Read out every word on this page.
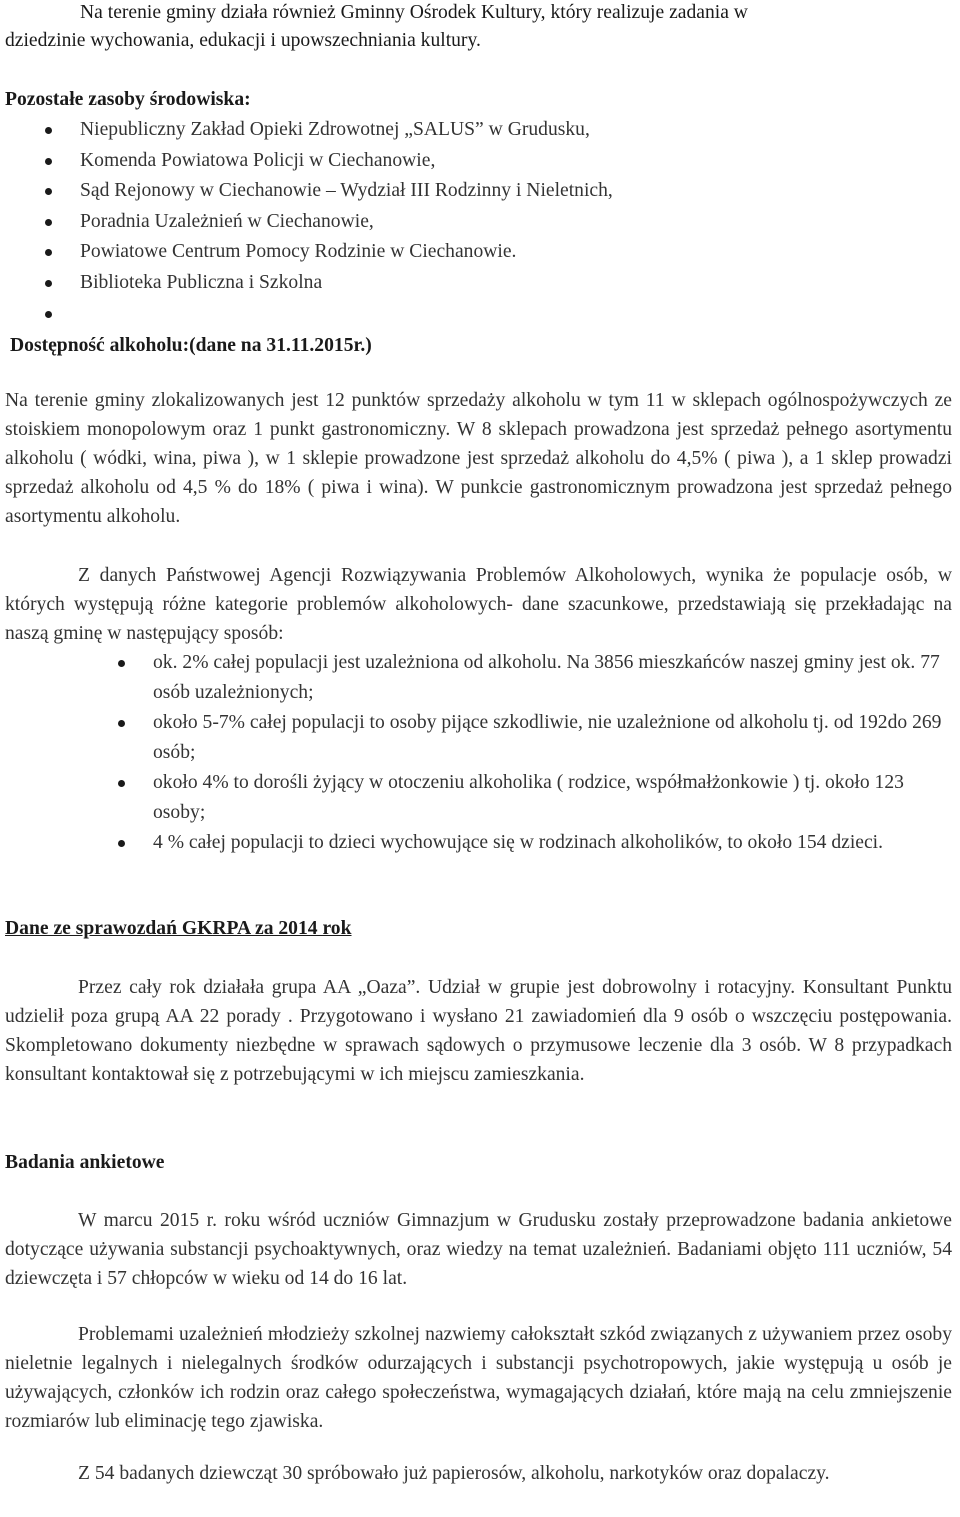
Na terenie gminy działa również Gminny Ośrodek Kultury, który realizuje zadania w

dziedzinie wychowania, edukacji i upowszechniania kultury.

Pozostałe zasoby środowiska:

Niepubliczny Zakład Opieki Zdrowotnej „SALUS” w Grudusku,
Komenda Powiatowa Policji w Ciechanowie,
Sąd Rejonowy w Ciechanowie – Wydział III Rodzinny i Nieletnich,
Poradnia Uzależnień w Ciechanowie,
Powiatowe Centrum Pomocy Rodzinie w Ciechanowie.
Biblioteka Publiczna i Szkolna

Dostępność alkoholu:(dane na 31.11.2015r.)

Na terenie gminy zlokalizowanych jest 12 punktów sprzedaży alkoholu w tym 11 w sklepach ogólnospożywczych ze stoiskiem monopolowym oraz 1 punkt gastronomiczny. W 8 sklepach prowadzona jest sprzedaż pełnego asortymentu alkoholu ( wódki, wina, piwa ), w 1 sklepie prowadzone jest sprzedaż alkoholu do 4,5% ( piwa ), a 1 sklep prowadzi sprzedaż alkoholu od 4,5 % do 18% ( piwa i wina). W punkcie gastronomicznym prowadzona jest sprzedaż pełnego asortymentu alkoholu.

Z danych Państwowej Agencji Rozwiązywania Problemów Alkoholowych, wynika że populacje osób, w których występują różne kategorie problemów alkoholowych- dane szacunkowe, przedstawiają się przekładając na naszą gminę w następujący sposób:

ok. 2% całej populacji jest uzależniona od alkoholu. Na 3856 mieszkańców naszej gminy jest ok. 77 osób uzależnionych;
około 5-7% całej populacji to osoby pijące szkodliwie, nie uzależnione od alkoholu tj. od 192do 269 osób;
około 4% to dorośli żyjący w otoczeniu alkoholika ( rodzice, współmałżonkowie ) tj. około 123 osoby;
4 % całej populacji to dzieci wychowujące się w rodzinach alkoholików, to około 154 dzieci.

Dane ze sprawozdań GKRPA za 2014 rok

Przez cały rok działała grupa AA „Oaza”. Udział w grupie jest dobrowolny i rotacyjny. Konsultant Punktu udzielił poza grupą AA 22 porady . Przygotowano i wysłano 21 zawiadomień dla 9 osób o wszczęciu postępowania. Skompletowano dokumenty niezbędne w sprawach sądowych o przymusowe leczenie dla 3 osób. W 8 przypadkach konsultant kontaktował się z potrzebującymi w ich miejscu zamieszkania.

Badania ankietowe

W marcu 2015 r. roku wśród uczniów Gimnazjum w Grudusku zostały przeprowadzone badania ankietowe dotyczące używania substancji psychoaktywnych, oraz wiedzy na temat uzależnień. Badaniami objęto 111 uczniów, 54 dziewczęta i 57 chłopców w wieku od 14 do 16 lat.

Problemami uzależnień młodzieży szkolnej nazwiemy całokształt szkód związanych z używaniem przez osoby nieletnie legalnych i nielegalnych środków odurzających i substancji psychotropowych, jakie występują u osób je używających, członków ich rodzin oraz całego społeczeństwa, wymagających działań, które mają na celu zmniejszenie rozmiarów lub eliminację tego zjawiska.

Z 54 badanych dziewcząt 30 spróbowało już papierosów, alkoholu, narkotyków oraz dopalaczy.
